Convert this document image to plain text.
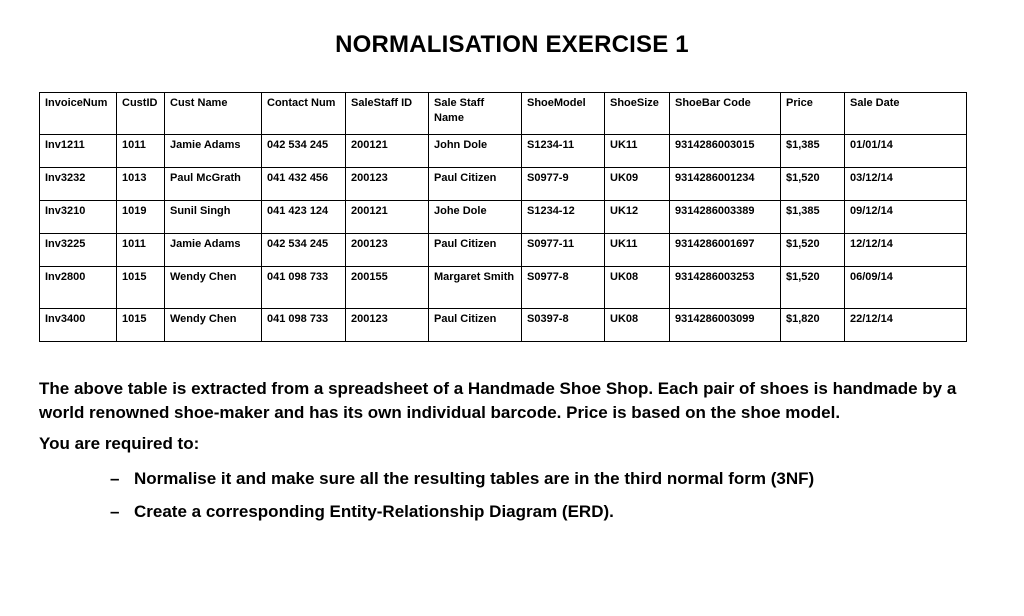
NORMALISATION EXERCISE 1
InvoiceNum	CustID	Cust Name	Contact Num	SaleStaff ID	Sale Staff Name	ShoeModel	ShoeSize	ShoeBar Code	Price	Sale Date
Inv1211	1011	Jamie Adams	042 534 245	200121	John Dole	S1234-11	UK11	9314286003015	$1,385	01/01/14
Inv3232	1013	Paul McGrath	041 432 456	200123	Paul Citizen	S0977-9	UK09	9314286001234	$1,520	03/12/14
Inv3210	1019	Sunil Singh	041 423 124	200121	Johe Dole	S1234-12	UK12	9314286003389	$1,385	09/12/14
Inv3225	1011	Jamie Adams	042 534 245	200123	Paul Citizen	S0977-11	UK11	9314286001697	$1,520	12/12/14
Inv2800	1015	Wendy Chen	041 098 733	200155	Margaret Smith	S0977-8	UK08	9314286003253	$1,520	06/09/14
Inv3400	1015	Wendy Chen	041 098 733	200123	Paul Citizen	S0397-8	UK08	9314286003099	$1,820	22/12/14
The above table is extracted from a spreadsheet of a Handmade Shoe Shop. Each pair of shoes is handmade by a world renowned shoe-maker and has its own individual barcode. Price is based on the shoe model.
You are required to:
– Normalise it and make sure all the resulting tables are in the third normal form (3NF)
– Create a corresponding Entity-Relationship Diagram (ERD).
